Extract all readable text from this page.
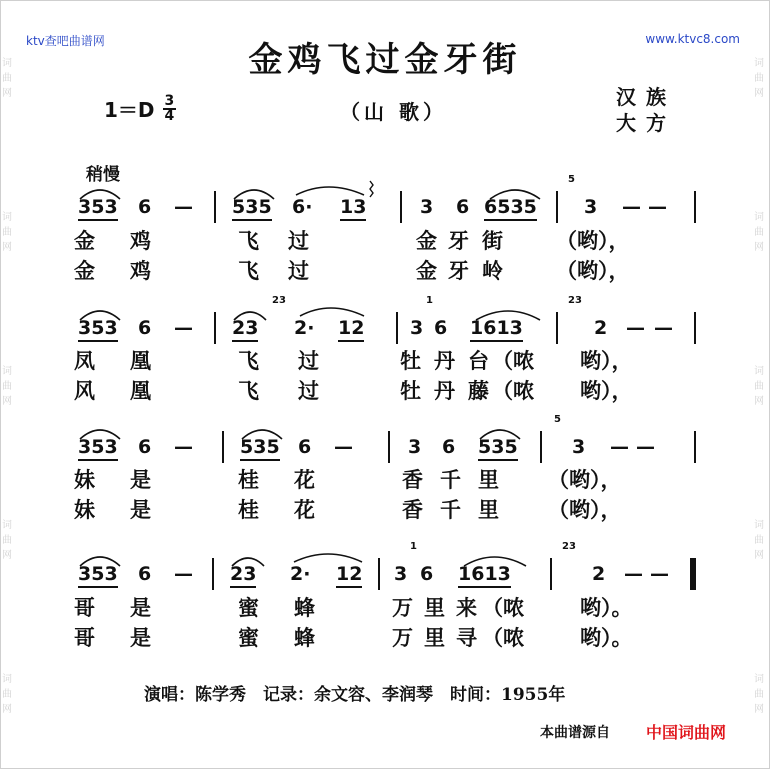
词曲网
词曲网
词曲网
词曲网
词曲网
词曲网
词曲网
词曲网
词曲网
词曲网
ktv查吧曲谱网	www.ktvc8.com
金鸡飞过金牙街
$1=D \frac{3}{4}$	（山 歌）
汉族
大方
稍慢
353 6 — 535 6· 13	3 6 6535
5
3 — —
金 鸡	飞 过	金 牙 街	（哟），
金 鸡	飞 过	金 牙 岭	（哟），
353 6 — 23
23
2· 12 3
1
6 1613
23
2 — —
凤 凰	飞 过	牡 丹 台 （哝 哟），
风 凰	飞 过	牡 丹 藤 （哝 哟），
353 6 — 535 6 —	3 6 535
5
3 — —
妹 是	桂 花	香 千 里 （哟），
妹 是	桂 花	香 千 里 （哟），
353 6 — 23 2· 12 3
1
6 1613
23
2 — —
哥 是	蜜 蜂	万 里 来 （哝	哟）。
哥 是	蜜 蜂	万 里 寻 （哝	哟）。
演唱：陈学秀　记录：余文容、李润琴　时间：1955年
本曲谱源自 中国词曲网
